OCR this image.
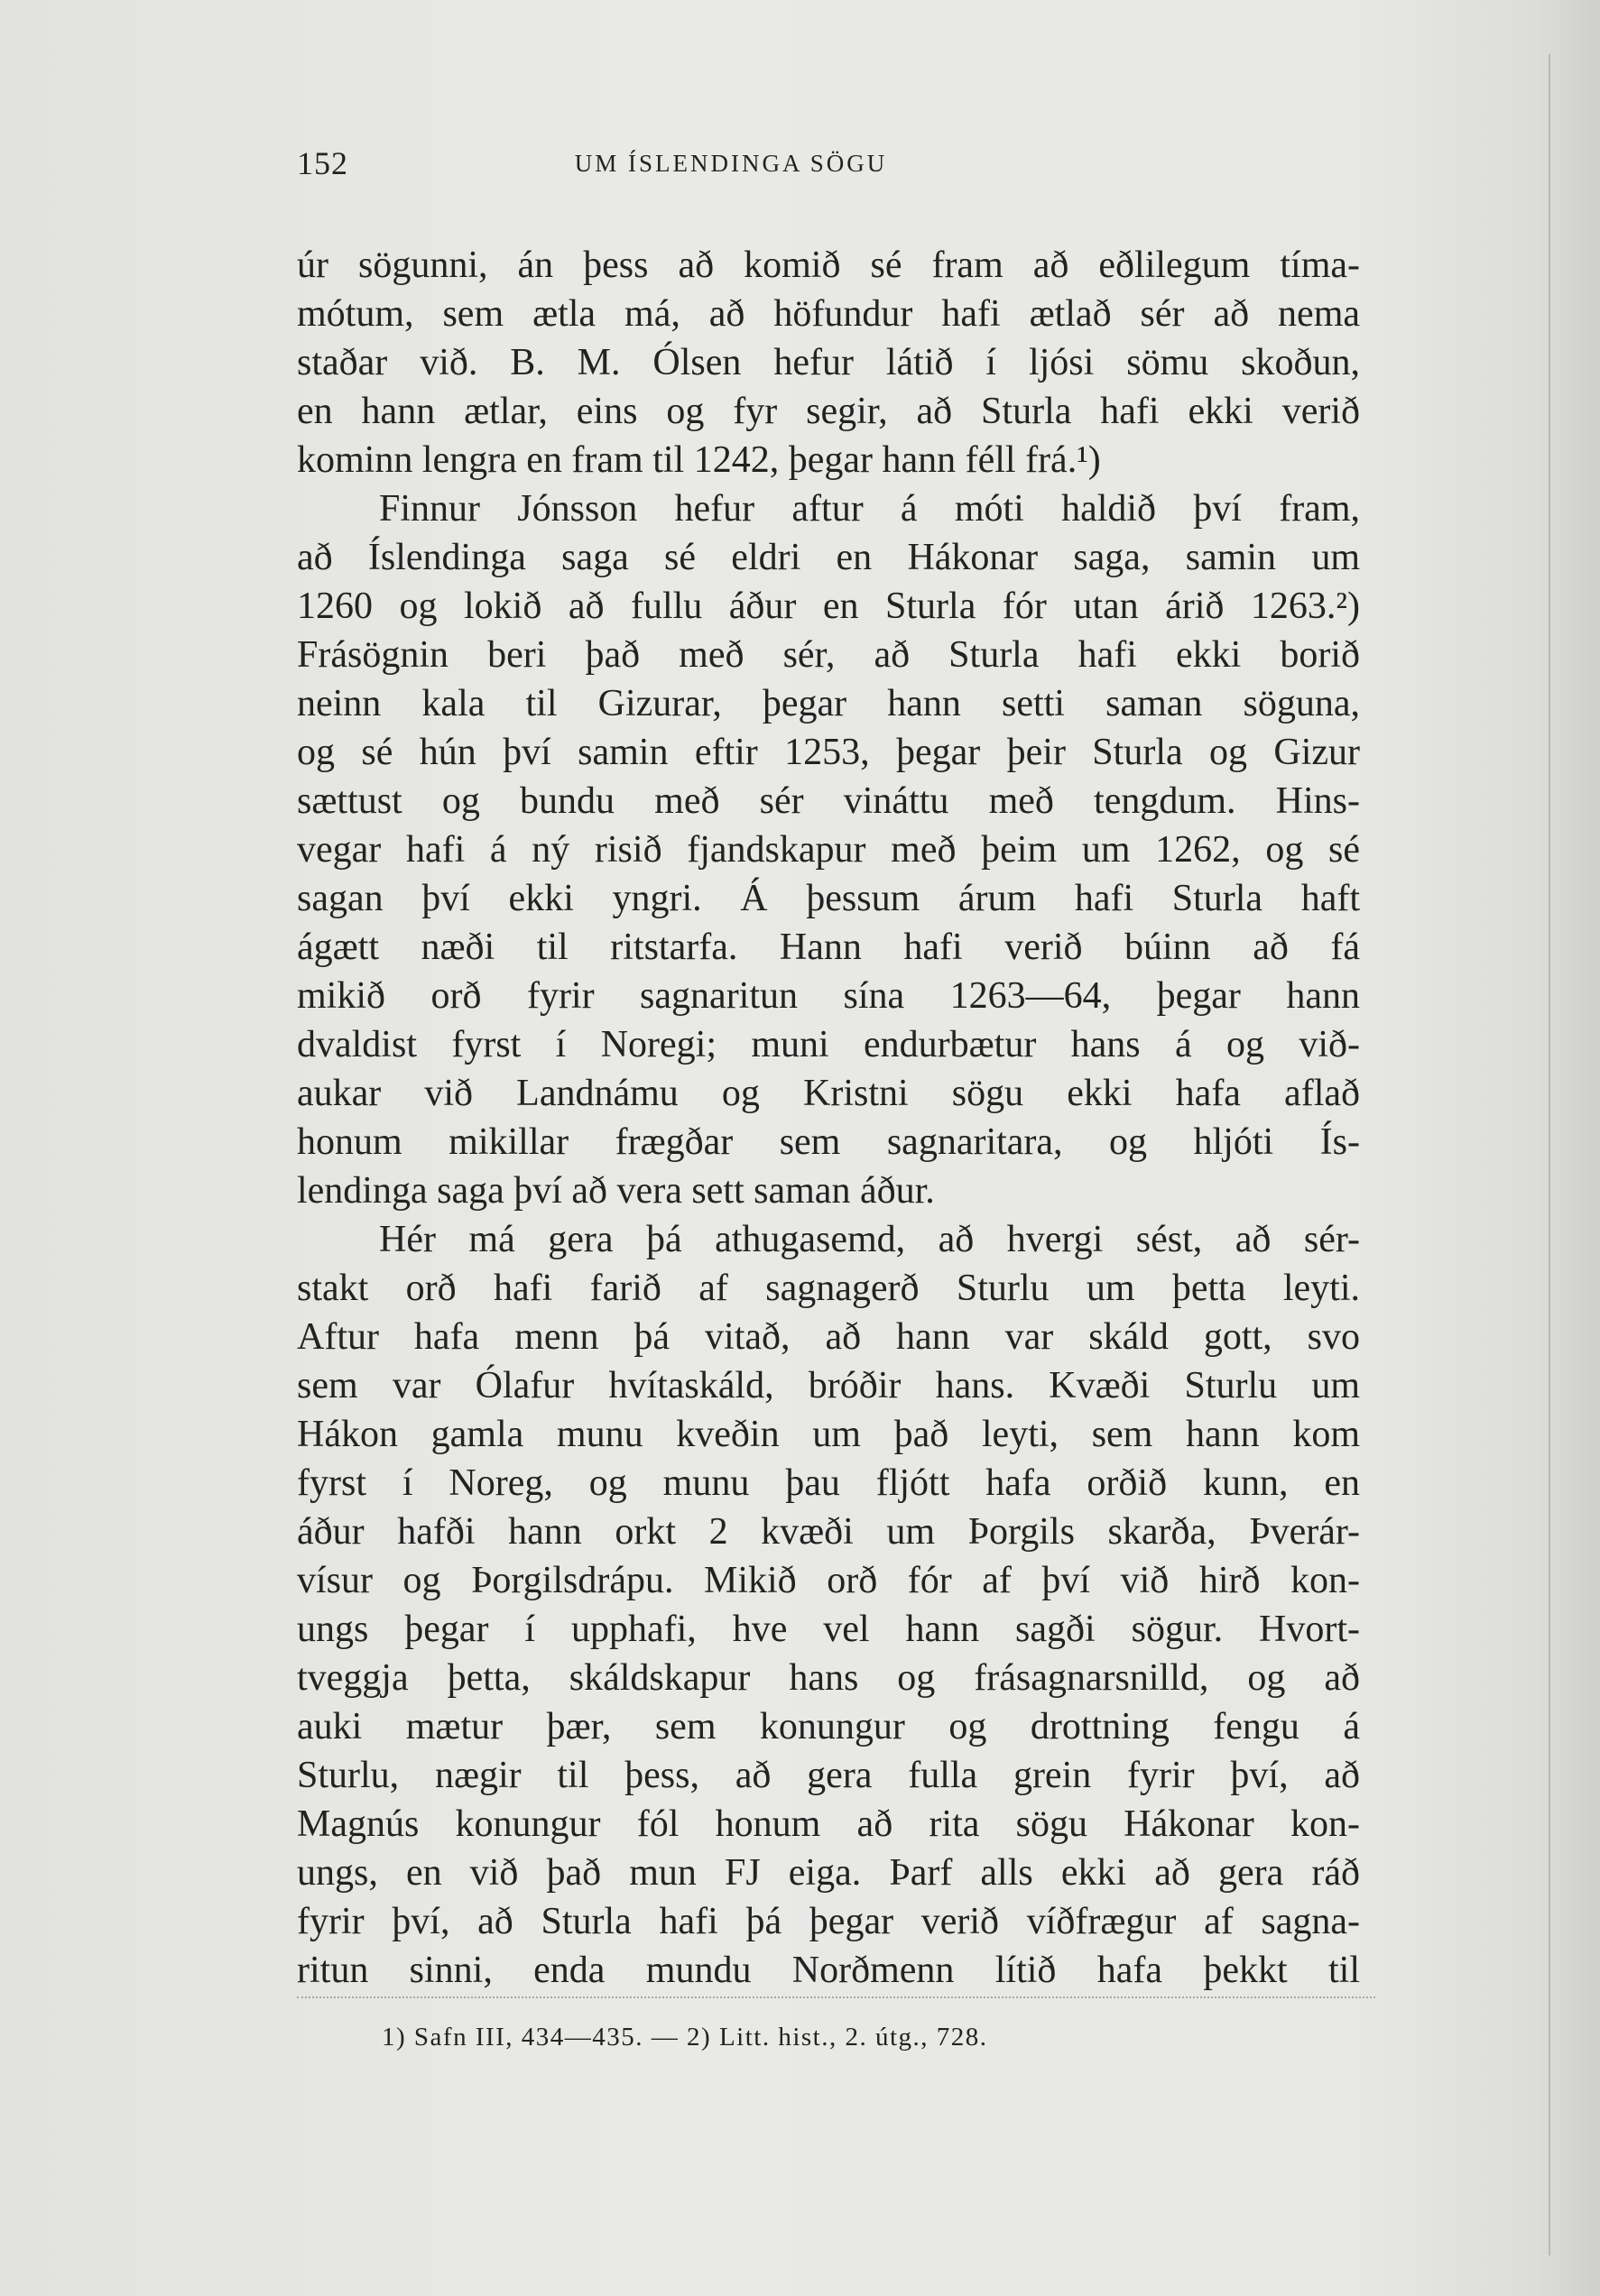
152	UM ÍSLENDINGA SÖGU
úr sögunni, án þess að komið sé fram að eðlilegum tíma-
mótum, sem ætla má, að höfundur hafi ætlað sér að nema
staðar við. B. M. Ólsen hefur látið í ljósi sömu skoðun,
en hann ætlar, eins og fyr segir, að Sturla hafi ekki verið
kominn lengra en fram til 1242, þegar hann féll frá.¹)
Finnur Jónsson hefur aftur á móti haldið því fram,
að Íslendinga saga sé eldri en Hákonar saga, samin um
1260 og lokið að fullu áður en Sturla fór utan árið 1263.²)
Frásögnin beri það með sér, að Sturla hafi ekki borið
neinn kala til Gizurar, þegar hann setti saman söguna,
og sé hún því samin eftir 1253, þegar þeir Sturla og Gizur
sættust og bundu með sér vináttu með tengdum. Hins-
vegar hafi á ný risið fjandskapur með þeim um 1262, og sé
sagan því ekki yngri. Á þessum árum hafi Sturla haft
ágætt næði til ritstarfa. Hann hafi verið búinn að fá
mikið orð fyrir sagnaritun sína 1263—64, þegar hann
dvaldist fyrst í Noregi; muni endurbætur hans á og við-
aukar við Landnámu og Kristni sögu ekki hafa aflað
honum mikillar frægðar sem sagnaritara, og hljóti Ís-
lendinga saga því að vera sett saman áður.
Hér má gera þá athugasemd, að hvergi sést, að sér-
stakt orð hafi farið af sagnagerð Sturlu um þetta leyti.
Aftur hafa menn þá vitað, að hann var skáld gott, svo
sem var Ólafur hvítaskáld, bróðir hans. Kvæði Sturlu um
Hákon gamla munu kveðin um það leyti, sem hann kom
fyrst í Noreg, og munu þau fljótt hafa orðið kunn, en
áður hafði hann orkt 2 kvæði um Þorgils skarða, Þverár-
vísur og Þorgilsdrápu. Mikið orð fór af því við hirð kon-
ungs þegar í upphafi, hve vel hann sagði sögur. Hvort-
tveggja þetta, skáldskapur hans og frásagnarsnilld, og að
auki mætur þær, sem konungur og drottning fengu á
Sturlu, nægir til þess, að gera fulla grein fyrir því, að
Magnús konungur fól honum að rita sögu Hákonar kon-
ungs, en við það mun FJ eiga. Þarf alls ekki að gera ráð
fyrir því, að Sturla hafi þá þegar verið víðfrægur af sagna-
ritun sinni, enda mundu Norðmenn lítið hafa þekkt til
1) Safn III, 434—435. — 2) Litt. hist., 2. útg., 728.
